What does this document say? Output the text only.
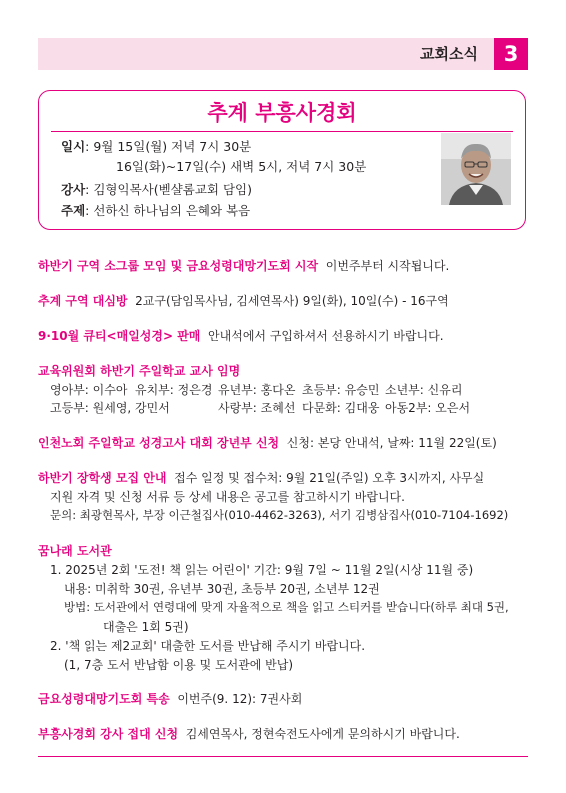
교회소식	3
추계 부흥사경회
일시: 9월 15일(월) 저녁 7시 30분
16일(화)~17일(수) 새벽 5시, 저녁 7시 30분
강사: 김형익목사(벧샬롬교회 담임)
주제: 선하신 하나님의 은혜와 복음
하반기 구역 소그룹 모임 및 금요성령대망기도회 시작 이번주부터 시작됩니다.
추계 구역 대심방 2교구(담임목사님, 김세연목사) 9일(화), 10일(수) - 16구역
9·10월 큐티<매일성경> 판매 안내석에서 구입하셔서 선용하시기 바랍니다.
교육위원회 하반기 주일학교 교사 임명
영아부: 이수아 유치부: 정은경 유년부: 홍다온 초등부: 유승민 소년부: 신유리
고등부: 원세영, 강민서	사랑부: 조혜선 다문화: 김대웅 아동2부: 오은서
인천노회 주일학교 성경고사 대회 장년부 신청 신청: 본당 안내석, 날짜: 11월 22일(토)
하반기 장학생 모집 안내 접수 일정 및 접수처: 9월 21일(주일) 오후 3시까지, 사무실
지원 자격 및 신청 서류 등 상세 내용은 공고를 참고하시기 바랍니다.
문의: 최광현목사, 부장 이근철집사(010-4462-3263), 서기 김병삼집사(010-7104-1692)
꿈나래 도서관
1. 2025년 2회 '도전! 책 읽는 어린이' 기간: 9월 7일 ~ 11월 2일(시상 11월 중)
내용: 미취학 30권, 유년부 30권, 초등부 20권, 소년부 12권
방법: 도서관에서 연령대에 맞게 자율적으로 책을 읽고 스티커를 받습니다(하루 최대 5권,
대출은 1회 5권)
2. '책 읽는 제2교회' 대출한 도서를 반납해 주시기 바랍니다.
(1, 7층 도서 반납함 이용 및 도서관에 반납)
금요성령대망기도회 특송 이번주(9. 12): 7권사회
부흥사경회 강사 접대 신청 김세연목사, 정현숙전도사에게 문의하시기 바랍니다.
